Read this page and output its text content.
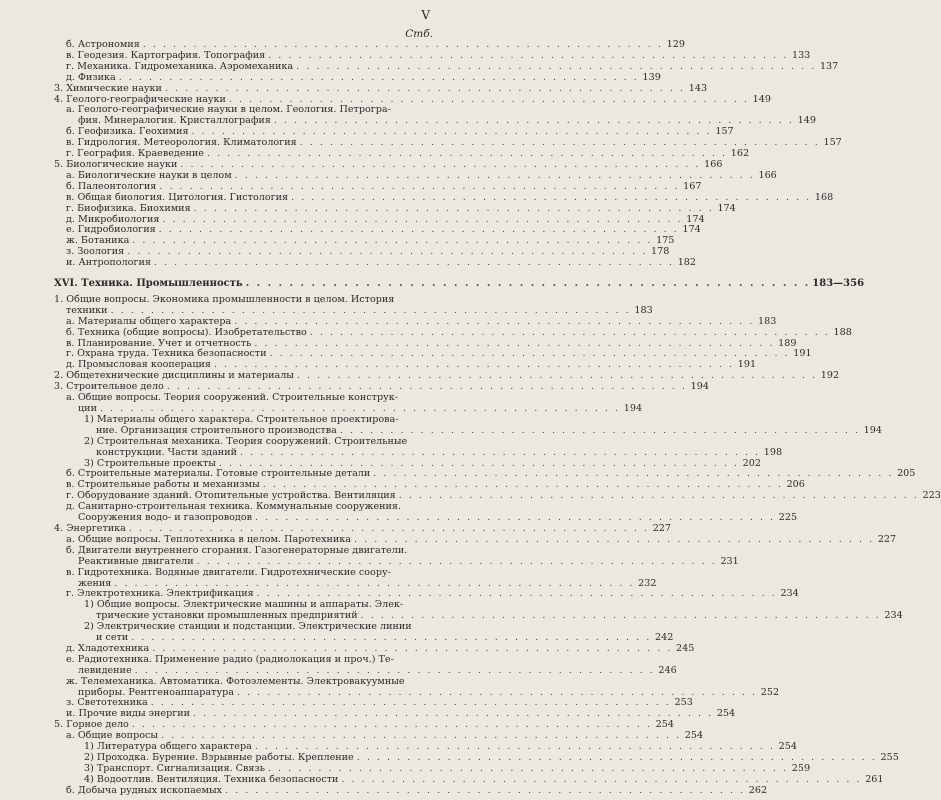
V
Стб.
б. Астрономия . . .	129
в. Геодезия. Картография. Топография . . .	133
г. Механика. Гидромеханика. Аэромеханика . . .	137
д. Физика . . .	139
3. Химические науки . . .	143
4. Геолого-географические науки . . .	149
а. Геолого-географические науки в целом. Геология. Петрогра-
фия. Минералогия. Кристаллография . . .	149
б. Геофизика. Геохимия . . .	157
в. Гидрология. Метеорология. Климатология . . .	157
г. География. Краеведение . . .	162
5. Биологические науки . . .	166
а. Биологические науки в целом . . .	166
б. Палеонтология . . .	167
в. Общая биология. Цитология. Гистология . . .	168
г. Биофизика. Биохимия . . .	174
д. Микробиология . . .	174
е. Гидробиология . . .	174
ж. Ботаника . . .	175
з. Зоология . . .	178
и. Антропология . . .	182
XVI. Техника. Промышленность . . .	183—356
1. Общие вопросы. Экономика промышленности в целом. История
техники . . .	183
а. Материалы общего характера . . .	183
б. Техника (общие вопросы). Изобретательство . . .	188
в. Планирование. Учет и отчетность . . .	189
г. Охрана труда. Техника безопасности . . .	191
д. Промысловая кооперация . . .	191
2. Общетехнические дисциплины и материалы . . .	192
3. Строительное дело . . .	194
а. Общие вопросы. Теория сооружений. Строительные конструк-
ции . . .	194
1) Материалы общего характера. Строительное проектирова-
ние. Организация строительного производства . . .	194
2) Строительная механика. Теория сооружений. Строительные
конструкции. Части зданий . . .	198
3) Строительные проекты . . .	202
б. Строительные материалы. Готовые строительные детали . . .	205
в. Строительные работы и механизмы . . .	206
г. Оборудование зданий. Отопительные устройства. Вентиляция . . .	223
д. Санитарно-строительная техника. Коммунальные сооружения.
Сооружения водо- и газопроводов . . .	225
4. Энергетика . . .	227
а. Общие вопросы. Теплотехника в целом. Паротехника . . .	227
б. Двигатели внутреннего сгорания. Газогенераторные двигатели.
Реактивные двигатели . . .	231
в. Гидротехника. Водяные двигатели. Гидротехнические соору-
жения . . .	232
г. Электротехника. Электрификация . . .	234
1) Общие вопросы. Электрические машины и аппараты. Элек-
трические установки промышленных предприятий . . .	234
2) Электрические станции и подстанции. Электрические линии
и сети . . .	242
д. Хладотехника . . .	245
е. Радиотехника. Применение радио (радиолокация и проч.) Те-
левидение . . .	246
ж. Телемеханика. Автоматика. Фотоэлементы. Электровакуумные
приборы. Рентгеноаппаратура . . .	252
з. Светотехника . . .	253
и. Прочие виды энергии . . .	254
5. Горное дело . . .	254
а. Общие вопросы . . .	254
1) Литература общего характера . . .	254
2) Проходка. Бурение. Взрывные работы. Крепление . . .	255
3) Транспорт. Сигнализация. Связь . . .	259
4) Водоотлив. Вентиляция. Техника безопасности . . .	261
б. Добыча рудных ископаемых . . .	262
